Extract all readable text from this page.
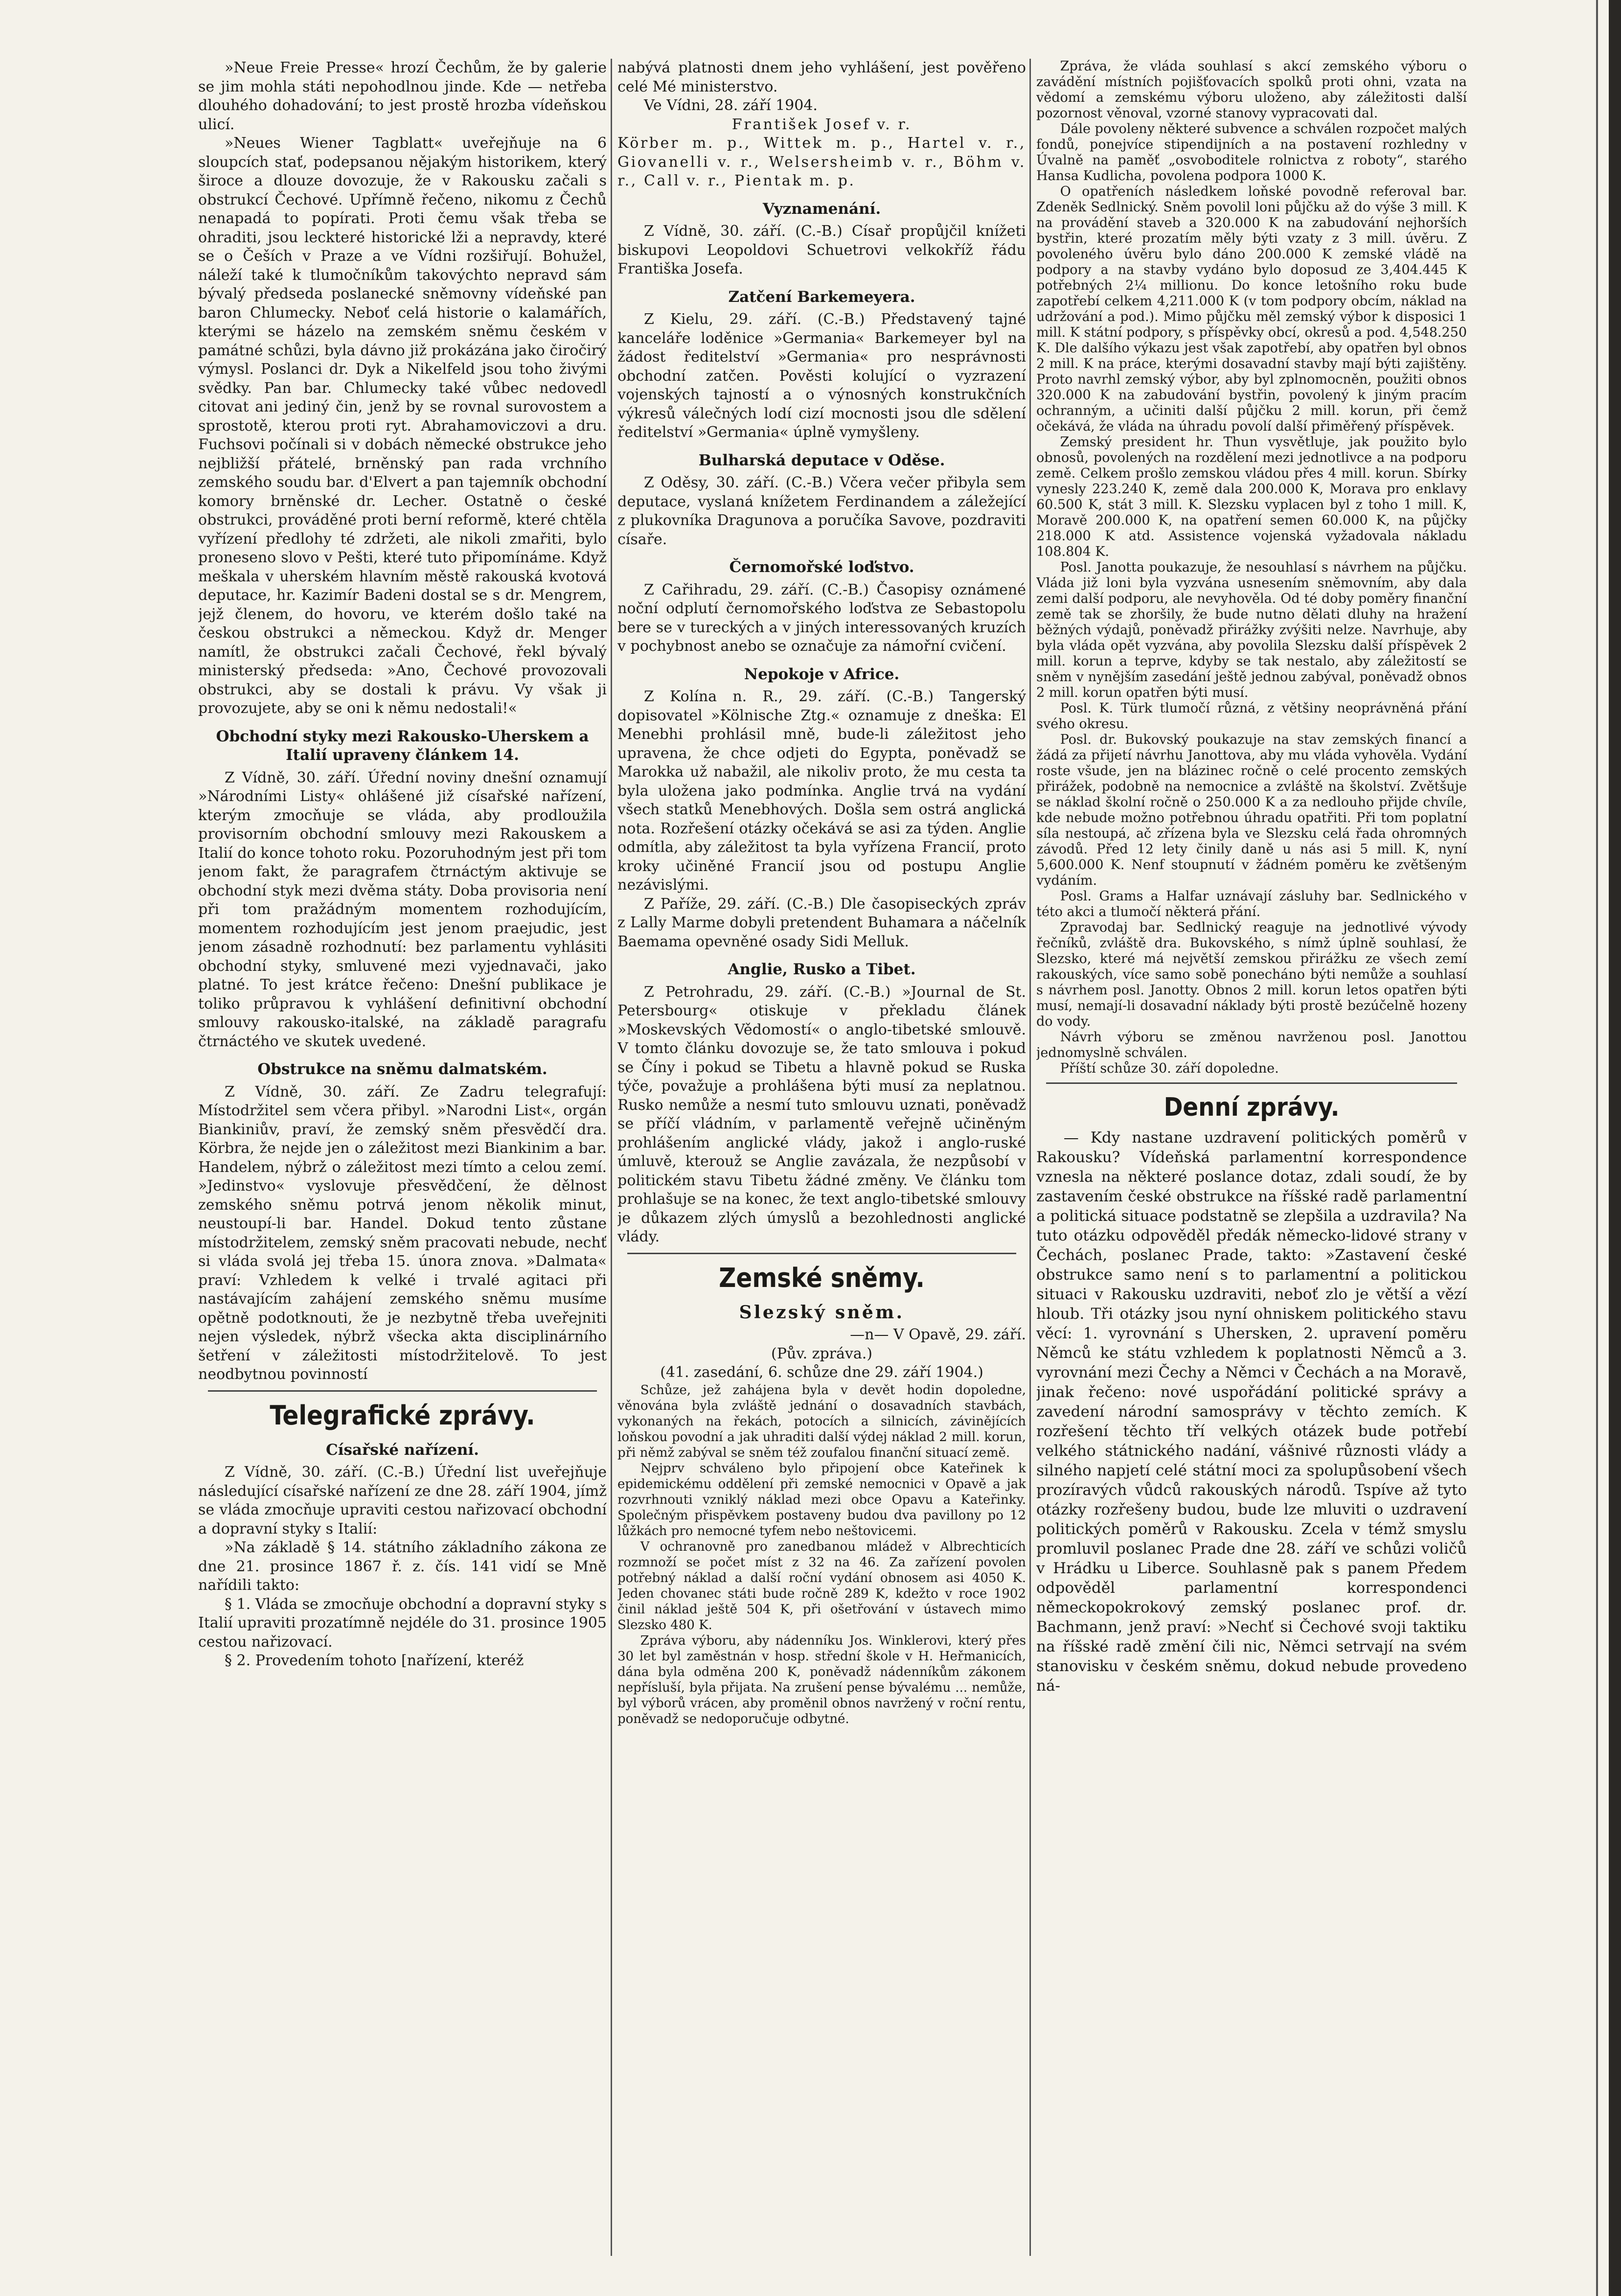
»Neue Freie Presse« hrozí Čechům, že by galerie se jim mohla státi nepohodlnou jinde. Kde — netřeba dlouhého dohadování; to jest prostě hrozba vídeňskou ulicí.

»Neues Wiener Tagblatt« uveřejňuje na 6 sloupcích stať, podepsanou nějakým historikem, který široce a dlouze dovozuje, že v Rakousku začali s obstrukcí Čechové. Upřímně řečeno, nikomu z Čechů nenapadá to popírati. Proti čemu však třeba se ohraditi, jsou leckteré historické lži a nepravdy, které se o Češích v Praze a ve Vídni rozšiřují. Bohužel, náleží také k tlumočníkům takovýchto nepravd sám bývalý předseda poslanecké sněmovny vídeňské pan baron Chlumecky. Neboť celá historie o kalamářích, kterými se házelo na zemském sněmu českém v památné schůzi, byla dávno již prokázána jako čiročirý výmysl. Poslanci dr. Dyk a Nikelfeld jsou toho živými svědky. Pan bar. Chlumecky také vůbec nedovedl citovat ani jediný čin, jenž by se rovnal surovostem a sprostotě, kterou proti ryt. Abrahamoviczovi a dru. Fuchsovi počínali si v dobách německé obstrukce jeho nejbližší přátelé, brněnský pan rada vrchního zemského soudu bar. d'Elvert a pan tajemník obchodní komory brněnské dr. Lecher. Ostatně o české obstrukci, prováděné proti berní reformě, které chtěla vyřízení předlohy té zdržeti, ale nikoli zmařiti, bylo proneseno slovo v Pešti, které tuto připomínáme. Když meškala v uherském hlavním městě rakouská kvotová deputace, hr. Kazimír Badeni dostal se s dr. Mengrem, jejž členem, do hovoru, ve kterém došlo také na českou obstrukci a německou. Když dr. Menger namítl, že obstrukci začali Čechové, řekl bývalý ministerský předseda: »Ano, Čechové provozovali obstrukci, aby se dostali k právu. Vy však ji provozujete, aby se oni k němu nedostali!«

Obchodní styky mezi Rakousko-Uherskem a Italií upraveny článkem 14.

Z Vídně, 30. září. Úřední noviny dnešní oznamují »Národními Listy« ohlášené již císařské nařízení, kterým zmocňuje se vláda, aby prodloužila provisorním obchodní smlouvy mezi Rakouskem a Italií do konce tohoto roku. Pozoruhodným jest při tom jenom fakt, že paragrafem čtrnáctým aktivuje se obchodní styk mezi dvěma státy. Doba provisoria není při tom pražádným momentem rozhodujícím, momentem rozhodujícím jest jenom praejudic, jest jenom zásadně rozhodnutí: bez parlamentu vyhlásiti obchodní styky, smluvené mezi vyjednavači, jako platné. To jest krátce řečeno: Dnešní publikace je toliko průpravou k vyhlášení definitivní obchodní smlouvy rakousko-italské, na základě paragrafu čtrnáctého ve skutek uvedené.

Obstrukce na sněmu dalmatském.

Z Vídně, 30. září. Ze Zadru telegrafují: Místodržitel sem včera přibyl. »Narodni List«, orgán Biankiniův, praví, že zemský sněm přesvědčí dra. Körbra, že nejde jen o záležitost mezi Biankinim a bar. Handelem, nýbrž o záležitost mezi tímto a celou zemí. »Jedinstvo« vyslovuje přesvědčení, že dělnost zemského sněmu potrvá jenom několik minut, neustoupí-li bar. Handel. Dokud tento zůstane místodržitelem, zemský sněm pracovati nebude, nechť si vláda svolá jej třeba 15. února znova. »Dalmata« praví: Vzhledem k velké i trvalé agitaci při nastávajícím zahájení zemského sněmu musíme opětně podotknouti, že je nezbytně třeba uveřejniti nejen výsledek, nýbrž všecka akta disciplinárního šetření v záležitosti místodržitelově. To jest neodbytnou povinností

Telegrafické zprávy.
Císařské nařízení.

Z Vídně, 30. září. (C.-B.) Úřední list uveřejňuje následující císařské nařízení ze dne 28. září 1904, jímž se vláda zmocňuje upraviti cestou nařizovací obchodní a dopravní styky s Italií:

»Na základě § 14. státního základního zákona ze dne 21. prosince 1867 ř. z. čís. 141 vidí se Mně nařídili takto:

§ 1. Vláda se zmocňuje obchodní a dopravní styky s Italií upraviti prozatímně nejdéle do 31. prosince 1905 cestou nařizovací.

§ 2. Provedením tohoto [nařízení, kteréž

nabývá platnosti dnem jeho vyhlášení, jest pověřeno celé Mé ministerstvo.

Ve Vídni, 28. září 1904.

František Josef v. r.

Körber m. p., Wittek m. p., Hartel v. r., Giovanelli v. r., Welsersheimb v. r., Böhm v. r., Call v. r., Pientak m. p.

Vyznamenání.

Z Vídně, 30. září. (C.-B.) Císař propůjčil knížeti biskupovi Leopoldovi Schuetrovi velkokříž řádu Františka Josefa.

Zatčení Barkemeyera.

Z Kielu, 29. září. (C.-B.) Představený tajné kanceláře loděnice »Germania« Barkemeyer byl na žádost ředitelství »Germania« pro nesprávnosti obchodní zatčen. Pověsti kolující o vyzrazení vojenských tajností a o výnosných konstrukčních výkresů válečných lodí cizí mocnosti jsou dle sdělení ředitelství »Germania« úplně vymyšleny.

Bulharská deputace v Oděse.

Z Oděsy, 30. září. (C.-B.) Včera večer přibyla sem deputace, vyslaná knížetem Ferdinandem a záležející z plukovníka Dragunova a poručíka Savove, pozdraviti císaře.

Černomořské loďstvo.

Z Cařihradu, 29. září. (C.-B.) Časopisy oznámené noční odplutí černomořského loďstva ze Sebastopolu bere se v tureckých a v jiných interessovaných kruzích v pochybnost anebo se označuje za námořní cvičení.

Nepokoje v Africe.

Z Kolína n. R., 29. září. (C.-B.) Tangerský dopisovatel »Kölnische Ztg.« oznamuje z dneška: El Menebhi prohlásil mně, bude-li záležitost jeho upravena, že chce odjeti do Egypta, poněvadž se Marokka už nabažil, ale nikoliv proto, že mu cesta ta byla uložena jako podmínka. Anglie trvá na vydání všech statků Menebhových. Došla sem ostrá anglická nota. Rozřešení otázky očekává se asi za týden. Anglie odmítla, aby záležitost ta byla vyřízena Francií, proto kroky učiněné Francií jsou od postupu Anglie nezávislými.

Z Paříže, 29. září. (C.-B.) Dle časopiseckých zpráv z Lally Marme dobyli pretendent Buhamara a náčelník Baemama opevněné osady Sidi Melluk.

Anglie, Rusko a Tibet.

Z Petrohradu, 29. září. (C.-B.) »Journal de St. Petersbourg« otiskuje v překladu článek »Moskevských Vědomostí« o anglo-tibetské smlouvě. V tomto článku dovozuje se, že tato smlouva i pokud se Číny i pokud se Tibetu a hlavně pokud se Ruska týče, považuje a prohlášena býti musí za neplatnou. Rusko nemůže a nesmí tuto smlouvu uznati, poněvadž se příčí vládním, v parlamentě veřejně učiněným prohlášením anglické vlády, jakož i anglo-ruské úmluvě, kterouž se Anglie zavázala, že nezpůsobí v politickém stavu Tibetu žádné změny. Ve článku tom prohlašuje se na konec, že text anglo-tibetské smlouvy je důkazem zlých úmyslů a bezohlednosti anglické vlády.

Zemské sněmy.
Slezský sněm.

—n— V Opavě, 29. září.

(Pův. zpráva.)

(41. zasedání, 6. schůze dne 29. září 1904.)

Schůze, jež zahájena byla v devět hodin dopoledne, věnována byla zvláště jednání o dosavadních stavbách, vykonaných na řekách, potocích a silnicích, závinějících loňskou povodní a jak uhraditi další výdej náklad 2 mill. korun, při němž zabýval se sněm též zoufalou finanční situací země.

Nejprv schváleno bylo připojení obce Kateřinek k epidemickému oddělení při zemské nemocnici v Opavě a jak rozvrhnouti vzniklý náklad mezi obce Opavu a Kateřinky. Společným přispěvkem postaveny budou dva pavillony po 12 lůžkách pro nemocné tyfem nebo neštovicemi.

V ochranovně pro zanedbanou mládež v Albrechticích rozmnoží se počet míst z 32 na 46. Za zařízení povolen potřebný náklad a další roční vydání obnosem asi 4050 K. Jeden chovanec státi bude ročně 289 K, kdežto v roce 1902 činil náklad ještě 504 K, při ošetřování v ústavech mimo Slezsko 480 K.

Zpráva výboru, aby nádenníku Jos. Winklerovi, který přes 30 let byl zaměstnán v hosp. střední škole v H. Heřmanicích, dána byla odměna 200 K, poněvadž nádenníkům zákonem nepřísluší, byla přijata. Na zrušení pense bývalému ... nemůže, byl výborů vrácen, aby proměnil obnos navržený v roční rentu, poněvadž se nedoporučuje odbytné.

Zpráva, že vláda souhlasí s akcí zemského výboru o zavádění místních pojišťovacích spolků proti ohni, vzata na vědomí a zemskému výboru uloženo, aby záležitosti další pozornost věnoval, vzorné stanovy vypracovati dal.

Dále povoleny některé subvence a schválen rozpočet malých fondů, ponejvíce stipendijních a na postavení rozhledny v Úvalně na paměť „osvoboditele rolnictva z roboty“, starého Hansa Kudlicha, povolena podpora 1000 K.

O opatřeních následkem loňské povodně referoval bar. Zdeněk Sedlnický. Sněm povolil loni půjčku až do výše 3 mill. K na provádění staveb a 320.000 K na zabudování nejhorších bystřin, které prozatím měly býti vzaty z 3 mill. úvěru. Z povoleného úvěru bylo dáno 200.000 K zemské vládě na podpory a na stavby vydáno bylo doposud ze 3,404.445 K potřebných 2¼ millionu. Do konce letošního roku bude zapotřebí celkem 4,211.000 K (v tom podpory obcím, náklad na udržování a pod.). Mimo půjčku měl zemský výbor k disposici 1 mill. K státní podpory, s příspěvky obcí, okresů a pod. 4,548.250 K. Dle dalšího výkazu jest však zapotřebí, aby opatřen byl obnos 2 mill. K na práce, kterými dosavadní stavby mají býti zajištěny. Proto navrhl zemský výbor, aby byl zplnomocněn, použiti obnos 320.000 K na zabudování bystřin, povolený k jiným pracím ochranným, a učiniti další půjčku 2 mill. korun, při čemž očekává, že vláda na úhradu povolí další přiměřený příspěvek.

Zemský president hr. Thun vysvětluje, jak použito bylo obnosů, povolených na rozdělení mezi jednotlivce a na podporu země. Celkem prošlo zemskou vládou přes 4 mill. korun. Sbírky vynesly 223.240 K, země dala 200.000 K, Morava pro enklavy 60.500 K, stát 3 mill. K. Slezsku vyplacen byl z toho 1 mill. K, Moravě 200.000 K, na opatření semen 60.000 K, na půjčky 218.000 K atd. Assistence vojenská vyžadovala nákladu 108.804 K.

Posl. Janotta poukazuje, že nesouhlasí s návrhem na půjčku. Vláda již loni byla vyzvána usnesením sněmovním, aby dala zemi další podporu, ale nevyhověla. Od té doby poměry finanční země tak se zhoršily, že bude nutno dělati dluhy na hražení běžných výdajů, poněvadž přirážky zvýšiti nelze. Navrhuje, aby byla vláda opět vyzvána, aby povolila Slezsku další příspěvek 2 mill. korun a teprve, kdyby se tak nestalo, aby záležitostí se sněm v nynějším zasedání ještě jednou zabýval, poněvadž obnos 2 mill. korun opatřen býti musí.

Posl. K. Türk tlumočí různá, z většiny neoprávněná přání svého okresu.

Posl. dr. Bukovský poukazuje na stav zemských financí a žádá za přijetí návrhu Janottova, aby mu vláda vyhověla. Vydání roste všude, jen na blázinec ročně o celé procento zemských přirážek, podobně na nemocnice a zvláště na školství. Zvětšuje se náklad školní ročně o 250.000 K a za nedlouho přijde chvíle, kde nebude možno potřebnou úhradu opatřiti. Při tom poplatní síla nestoupá, ač zřízena byla ve Slezsku celá řada ohromných závodů. Před 12 lety činily daně u nás asi 5 mill. K, nyní 5,600.000 K. Nenf stoupnutí v žádném poměru ke zvětšeným vydáním.

Posl. Grams a Halfar uznávají zásluhy bar. Sedlnického v této akci a tlumočí některá přání.

Zpravodaj bar. Sedlnický reaguje na jednotlivé vývody řečníků, zvláště dra. Bukovského, s nímž úplně souhlasí, že Slezsko, které má největší zemskou přirážku ze všech zemí rakouských, více samo sobě ponecháno býti nemůže a souhlasí s návrhem posl. Janotty. Obnos 2 mill. korun letos opatřen býti musí, nemají-li dosavadní náklady býti prostě bezúčelně hozeny do vody.

Návrh výboru se změnou navrženou posl. Janottou jednomyslně schválen.

Příští schůze 30. září dopoledne.

Denní zprávy.

— Kdy nastane uzdravení politických poměrů v Rakousku? Vídeňská parlamentní korrespondence vznesla na některé poslance dotaz, zdali soudí, že by zastavením české obstrukce na říšské radě parlamentní a politická situace podstatně se zlepšila a uzdravila? Na tuto otázku odpověděl předák německo-lidové strany v Čechách, poslanec Prade, takto: »Zastavení české obstrukce samo není s to parlamentní a politickou situaci v Rakousku uzdraviti, neboť zlo je větší a vězí hloub. Tři otázky jsou nyní ohniskem politického stavu věcí: 1. vyrovnání s Uhersken, 2. upravení poměru Němců ke státu vzhledem k poplatnosti Němců a 3. vyrovnání mezi Čechy a Němci v Čechách a na Moravě, jinak řečeno: nové uspořádání politické správy a zavedení národní samosprávy v těchto zemích. K rozřešení těchto tří velkých otázek bude potřebí velkého státnického nadání, vášnivé různosti vlády a silného napjetí celé státní moci za spolupůsobení všech prozíravých vůdců rakouských národů. Tspíve až tyto otázky rozřešeny budou, bude lze mluviti o uzdravení politických poměrů v Rakousku. Zcela v témž smyslu promluvil poslanec Prade dne 28. září ve schůzi voličů v Hrádku u Liberce. Souhlasně pak s panem Předem odpověděl parlamentní korrespondenci německopokrokový zemský poslanec prof. dr. Bachmann, jenž praví: »Nechť si Čechové svoji taktiku na říšské radě změní čili nic, Němci setrvají na svém stanovisku v českém sněmu, dokud nebude provedeno ná-
